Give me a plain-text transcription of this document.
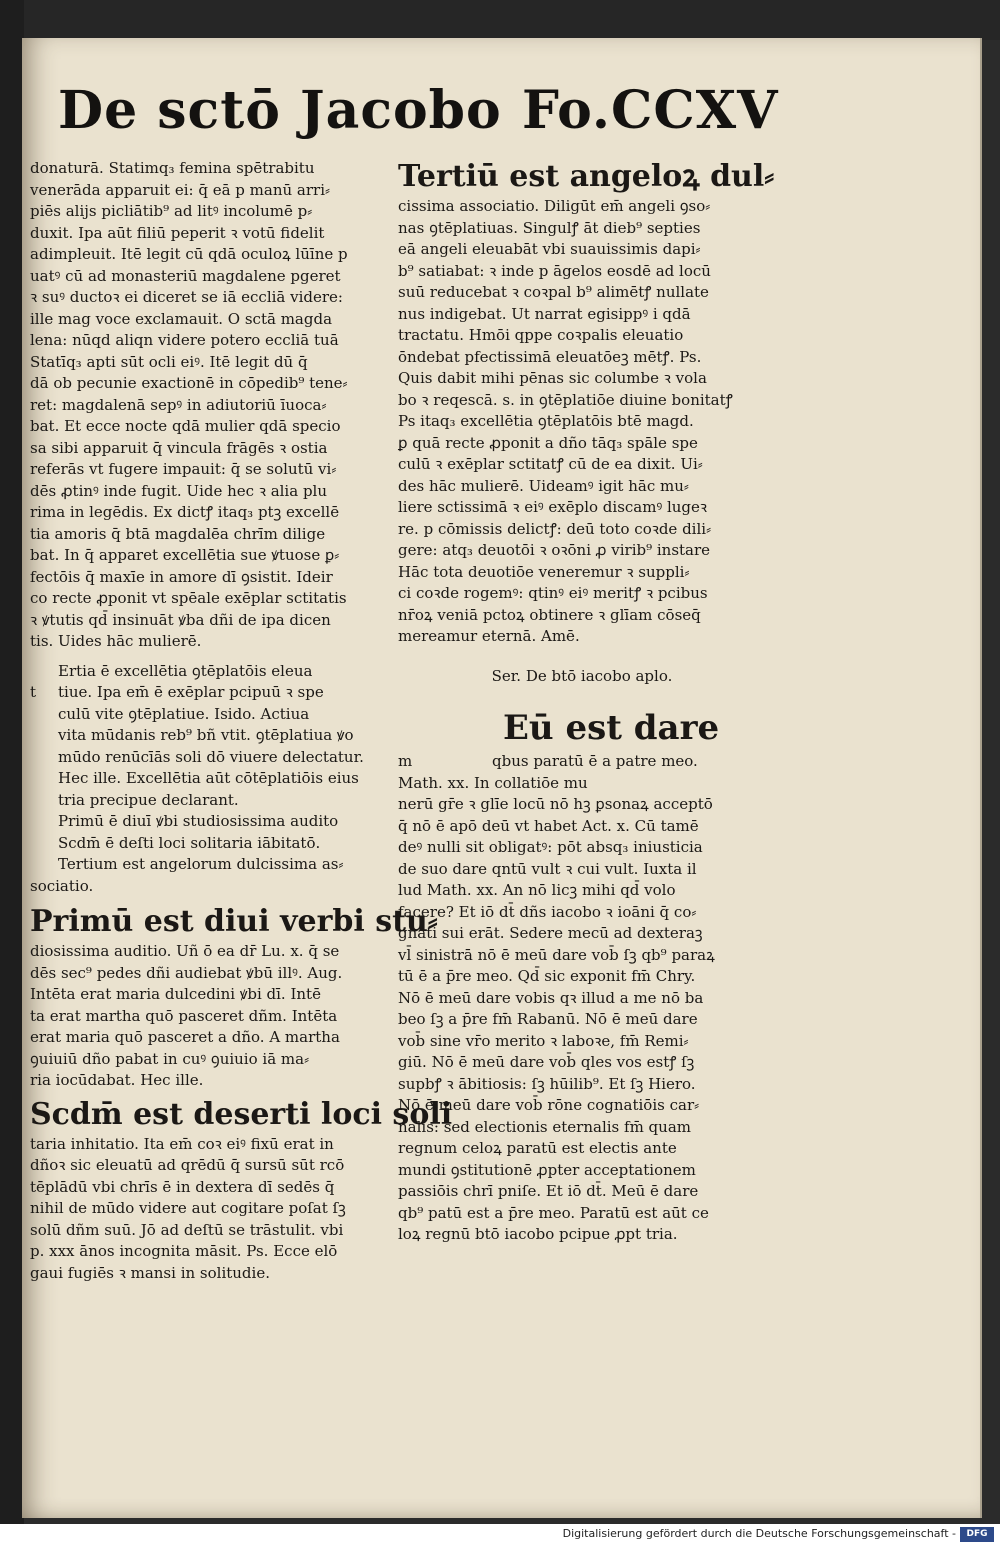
De sctō Jacobo Fo.CCXV
donaturā. Statimq₃ femina spētrabitu
venerāda apparuit ei: q̄ eā p manū arri⸗
piēs alijs picliātib⁹ ad litꝰ incolumē p⸗
duxit. Ipa aūt filiū peperit ꝛ votū fidelit
adimpleuit. Itē legit cū qdā oculoꝝ lūīne p
uatꝰ cū ad monasteriū magdalene pgeret
ꝛ suꝰ ductoꝛ ei diceret se iā eccliā videre:
ille mag voce exclamauit. O sctā magda
lena: nūqd aliqn videre potero eccliā tuā
Statīq₃ apti sūt ocli eiꝰ. Itē legit dū q̄
dā ob pecunie exactionē in cōpedib⁹ tene⸗
ret: magdalenā sepꝰ in adiutoriū īuoca⸗
bat. Et ecce nocte qdā mulier qdā specio
sa sibi apparuit q̄ vincula frāgēs ꝛ ostia
referās vt fugere impauit: q̄ se solutū vi⸗
dēs ꝓtinꝰ inde fugit. Uide hec ꝛ alia plu
rima in legēdis. Ex dictꝭ itaq₃ ptꝫ excellē
tia amoris q̄ btā magdalēa chrīm dilige
bat. In q̄ apparet excellētia sue ꝟtuose ꝑ⸗
fectōis q̄ maxīe in amore dī ꝯsistit. Ideir
co recte ꝓponit vt spēale exēplar sctitatis
ꝛ ꝟtutis qd̄ insinuāt ꝟba dñi de ipa dicen
tis. Uides hāc mulierē.
Ertia ē excellētia ꝯtēplatōis eleua
t tiue. Ipa em̄ ē exēplar pcipuū ꝛ spe
culū vite ꝯtēplatiue. Isido. Actiua
vita mūdanis reb⁹ bñ vtit. ꝯtēplatiua ꝟo
mūdo renūcīās soli dō viuere delectatur.
Hec ille. Excellētia aūt cōtēplatiōis eius
tria precipue declarant.
Primū ē diuī ꝟbi studiosissima audito
Scdm̄ ē deſti loci solitaria iābitatō.
Tertium est angelorum dulcissima as⸗
sociatio.
Primū est diui verbi stu⸗
diosissima auditio. Uñ ō ea dr̄ Lu. x. q̄ se
dēs sec⁹ pedes dñi audiebat ꝟbū illꝰ. Aug.
Intēta erat maria dulcedini ꝟbi dī. Intē
ta erat martha quō pasceret dñm. Intēta
erat maria quō pasceret a dño. A martha
ꝯuiuiū dño pabat in cuꝰ ꝯuiuio iā ma⸗
ria iocūdabat. Hec ille.
Scdm̄ est deserti loci soli
taria inhitatio. Ita em̄ coꝛ eiꝰ fixū erat in
dñoꝛ sic eleuatū ad qrēdū q̄ sursū sūt rcō
tēplādū vbi chrīs ē in dextera dī sedēs q̄
nihil de mūdo videre aut cogitare poſat ſꝫ
solū dñm suū. Jō ad deſtū se trāstulit. vbi
p. xxx ānos incognita māsit. Ps. Ecce elō
gaui fugiēs ꝛ mansi in solitudie.
Tertiū est angeloꝝ dul⸗
cissima associatio. Diligūt em̄ angeli ꝯso⸗
nas ꝯtēplatiuas. Singulꝭ āt dieb⁹ septies
eā angeli eleuabāt vbi suauissimis dapi⸗
b⁹ satiabat: ꝛ inde p āgelos eosdē ad locū
suū reducebat ꝛ coꝛpal b⁹ alimētꝭ nullate
nus indigebat. Ut narrat egisippꝰ i qdā
tractatu. Hmōi qppe coꝛpalis eleuatio
ōndebat pfectissimā eleuatōeꝫ mētꝭ. Ps.
Quis dabit mihi pēnas sic columbe ꝛ vola
bo ꝛ reqescā. s. in ꝯtēplatiōe diuine bonitatꝭ
Ps itaq₃ excellētia ꝯtēplatōis btē magd.
ꝑ quā recte ꝓponit a dño tāq₃ spāle spe
culū ꝛ exēplar sctitatꝭ cū de ea dixit. Ui⸗
des hāc mulierē. Uideamꝰ igit hāc mu⸗
liere sctissimā ꝛ eiꝰ exēplo discamꝰ lugeꝛ
re. p cōmissis delictꝭ: deū toto coꝛde dili⸗
gere: atq₃ deuotōi ꝛ oꝛōni ꝓ virib⁹ instare
Hāc tota deuotiōe veneremur ꝛ suppli⸗
ci coꝛde rogemꝰ: qtinꝰ eiꝰ meritꝭ ꝛ pcibus
nr̄oꝝ veniā pctoꝝ obtinere ꝛ glīam cōseq̄
mereamur eternā. Amē.
Ser. De btō iacobo aplo.
Eū est dare
m	qbus paratū ē a patre meo.
Math. xx. In collatiōe mu
nerū gr̄e ꝛ glīe locū nō hꝫ ꝑsonaꝝ acceptō
q̄ nō ē apō deū vt habet Act. x. Cū tamē
deꝰ nulli sit obligatꝰ: pōt absq₃ iniusticia
de suo dare qntū vult ꝛ cui vult. Iuxta il
lud Math. xx. An nō licꝫ mihi qd̄ volo
facere? Et iō dt̄ dñs iacobo ꝛ ioāni q̄ co⸗
gnati sui erāt. Sedere mecū ad dexteraꝫ
vl̄ sinistrā nō ē meū dare vob̄ ſꝫ qb⁹ paraꝝ
tū ē a p̄re meo. Qd̄ sic exponit fm̄ Chry.
Nō ē meū dare vobis qꝛ illud a me nō ba
beo ſꝫ a p̄re fm̄ Rabanū. Nō ē meū dare
vob̄ sine vr̄o merito ꝛ laboꝛe, fm̄ Remi⸗
giū. Nō ē meū dare vob̄ qles vos estꝭ ſꝫ
supbꝭ ꝛ ābitiosis: ſꝫ hūilib⁹. Et ſꝫ Hiero.
Nō ē meū dare vob̄ rōne cognatiōis car⸗
nalis: sed electionis eternalis fm̄ quam
regnum celoꝝ paratū est electis ante
mundi ꝯstitutionē ꝓpter acceptationem
passiōis chrī pniſe. Et iō dt̄. Meū ē dare
qb⁹ patū est a p̄re meo. Paratū est aūt ce
loꝝ regnū btō iacobo pcipue ꝓpt tria.
Digitalisierung gefördert durch die Deutsche Forschungsgemeinschaft -	DFG
